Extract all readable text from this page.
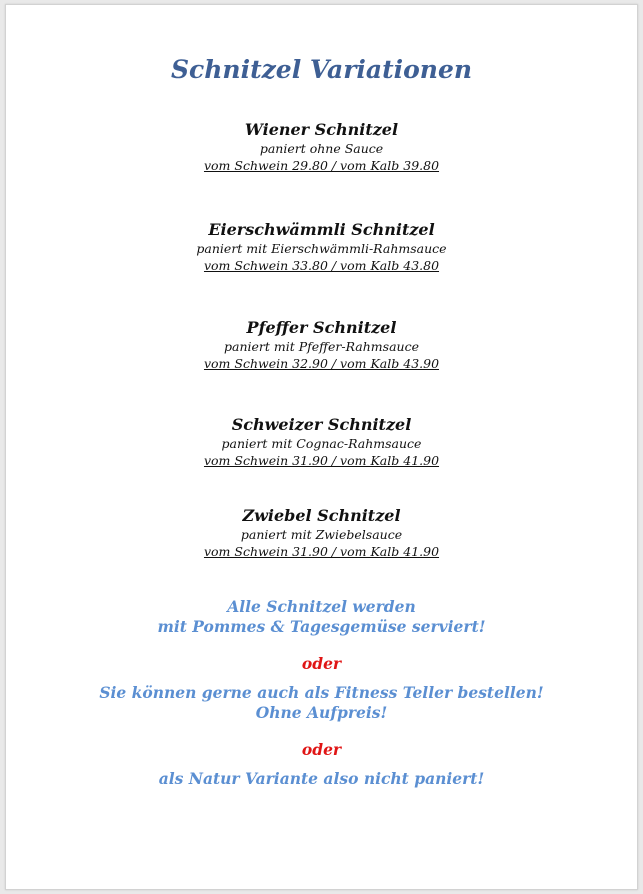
Schnitzel Variationen
Wiener Schnitzel
paniert ohne Sauce
vom Schwein 29.80 / vom Kalb 39.80
Eierschwämmli Schnitzel
paniert mit Eierschwämmli-Rahmsauce
vom Schwein 33.80 / vom Kalb 43.80
Pfeffer Schnitzel
paniert mit Pfeffer-Rahmsauce
vom Schwein 32.90 / vom Kalb 43.90
Schweizer Schnitzel
paniert mit Cognac-Rahmsauce
vom Schwein 31.90 / vom Kalb 41.90
Zwiebel Schnitzel
paniert mit Zwiebelsauce
vom Schwein 31.90 / vom Kalb 41.90
Alle Schnitzel werden
mit Pommes & Tagesgemüse serviert!
oder
Sie können gerne auch als Fitness Teller bestellen!
Ohne Aufpreis!
oder
als Natur Variante also nicht paniert!
